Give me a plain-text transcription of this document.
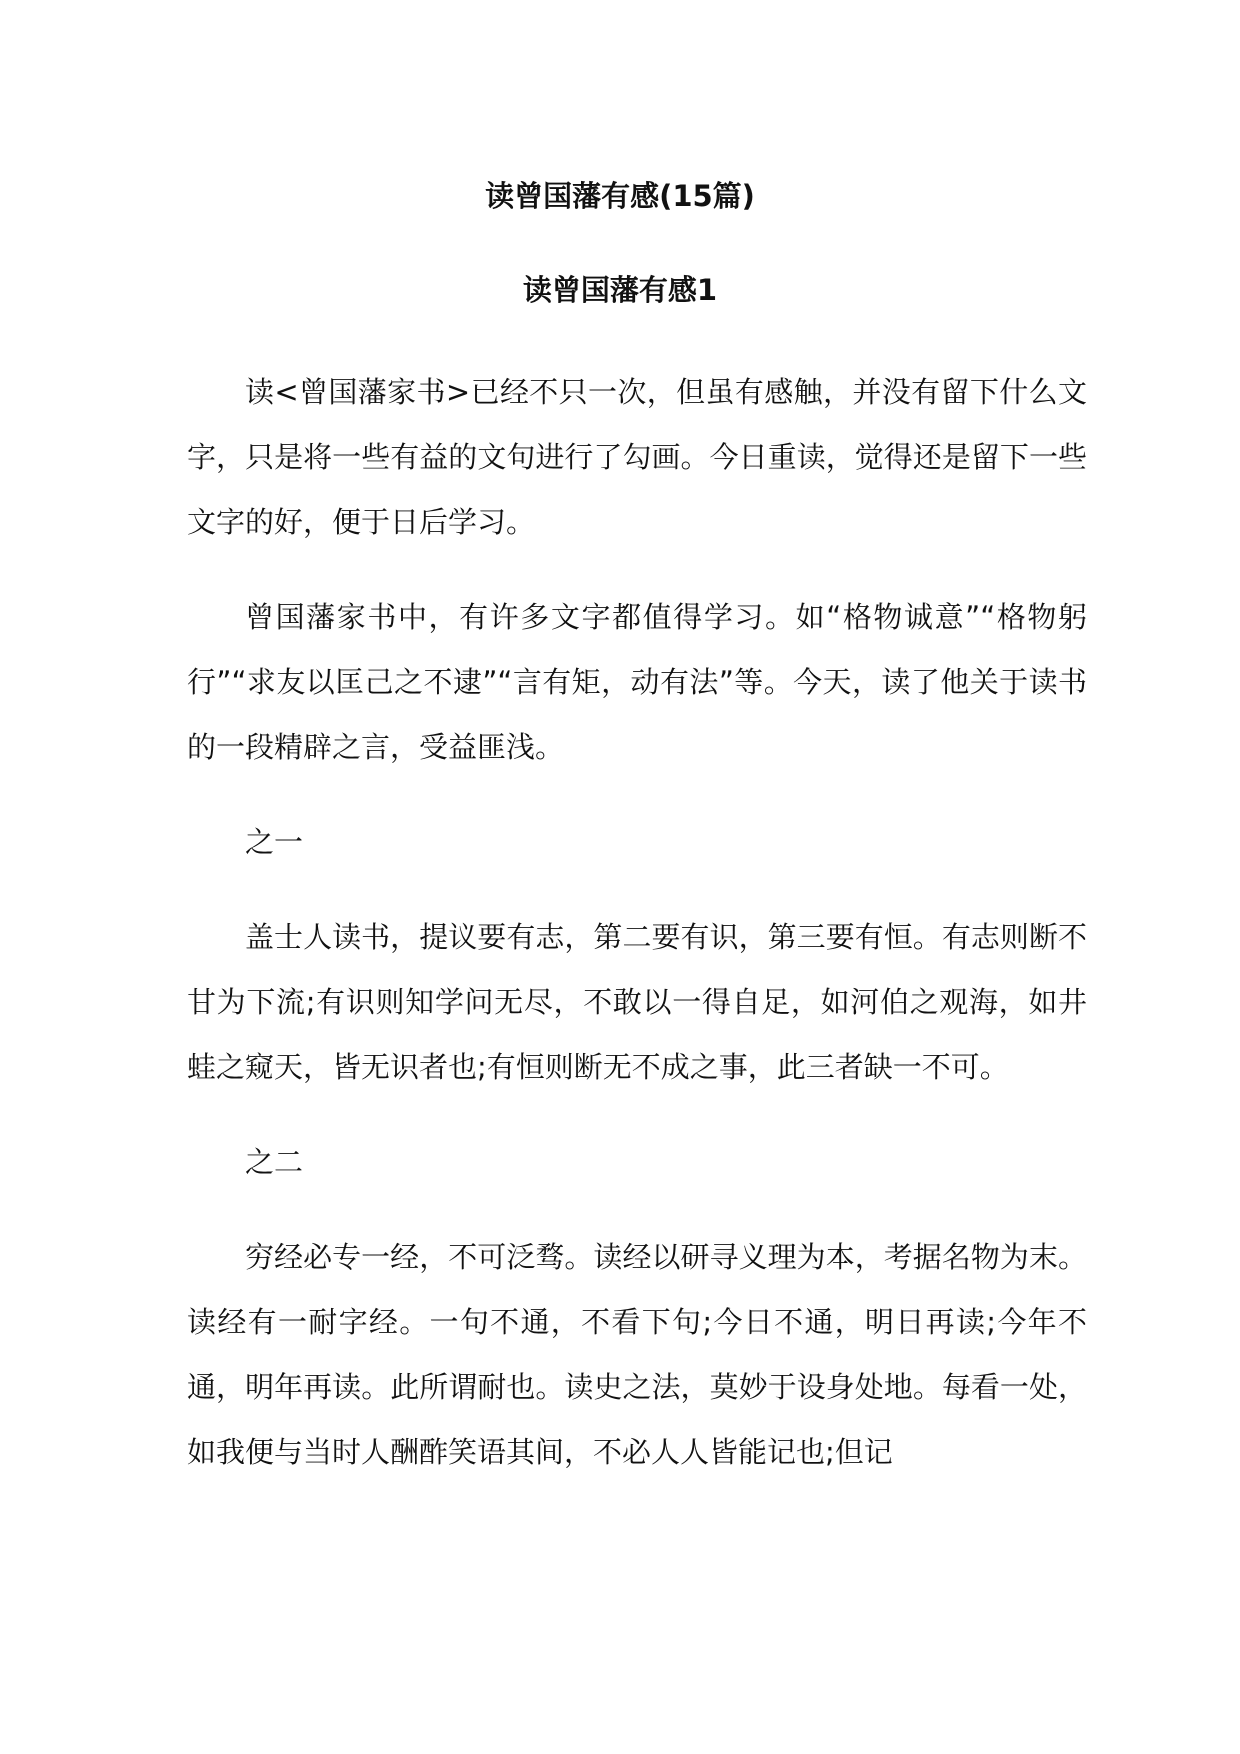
读曾国藩有感(15篇)
读曾国藩有感1

读<曾国藩家书>已经不只一次，但虽有感触，并没有留下什么文字，只是将一些有益的文句进行了勾画。今日重读，觉得还是留下一些文字的好，便于日后学习。

曾国藩家书中，有许多文字都值得学习。如“格物诚意”“格物躬行”“求友以匡己之不逮”“言有矩，动有法”等。今天，读了他关于读书的一段精辟之言，受益匪浅。

之一

盖士人读书，提议要有志，第二要有识，第三要有恒。有志则断不甘为下流;有识则知学问无尽，不敢以一得自足，如河伯之观海，如井蛙之窥天，皆无识者也;有恒则断无不成之事，此三者缺一不可。

之二

穷经必专一经，不可泛骛。读经以研寻义理为本，考据名物为末。读经有一耐字经。一句不通，不看下句;今日不通，明日再读;今年不通，明年再读。此所谓耐也。读史之法，莫妙于设身处地。每看一处，如我便与当时人酬酢笑语其间，不必人人皆能记也;但记
